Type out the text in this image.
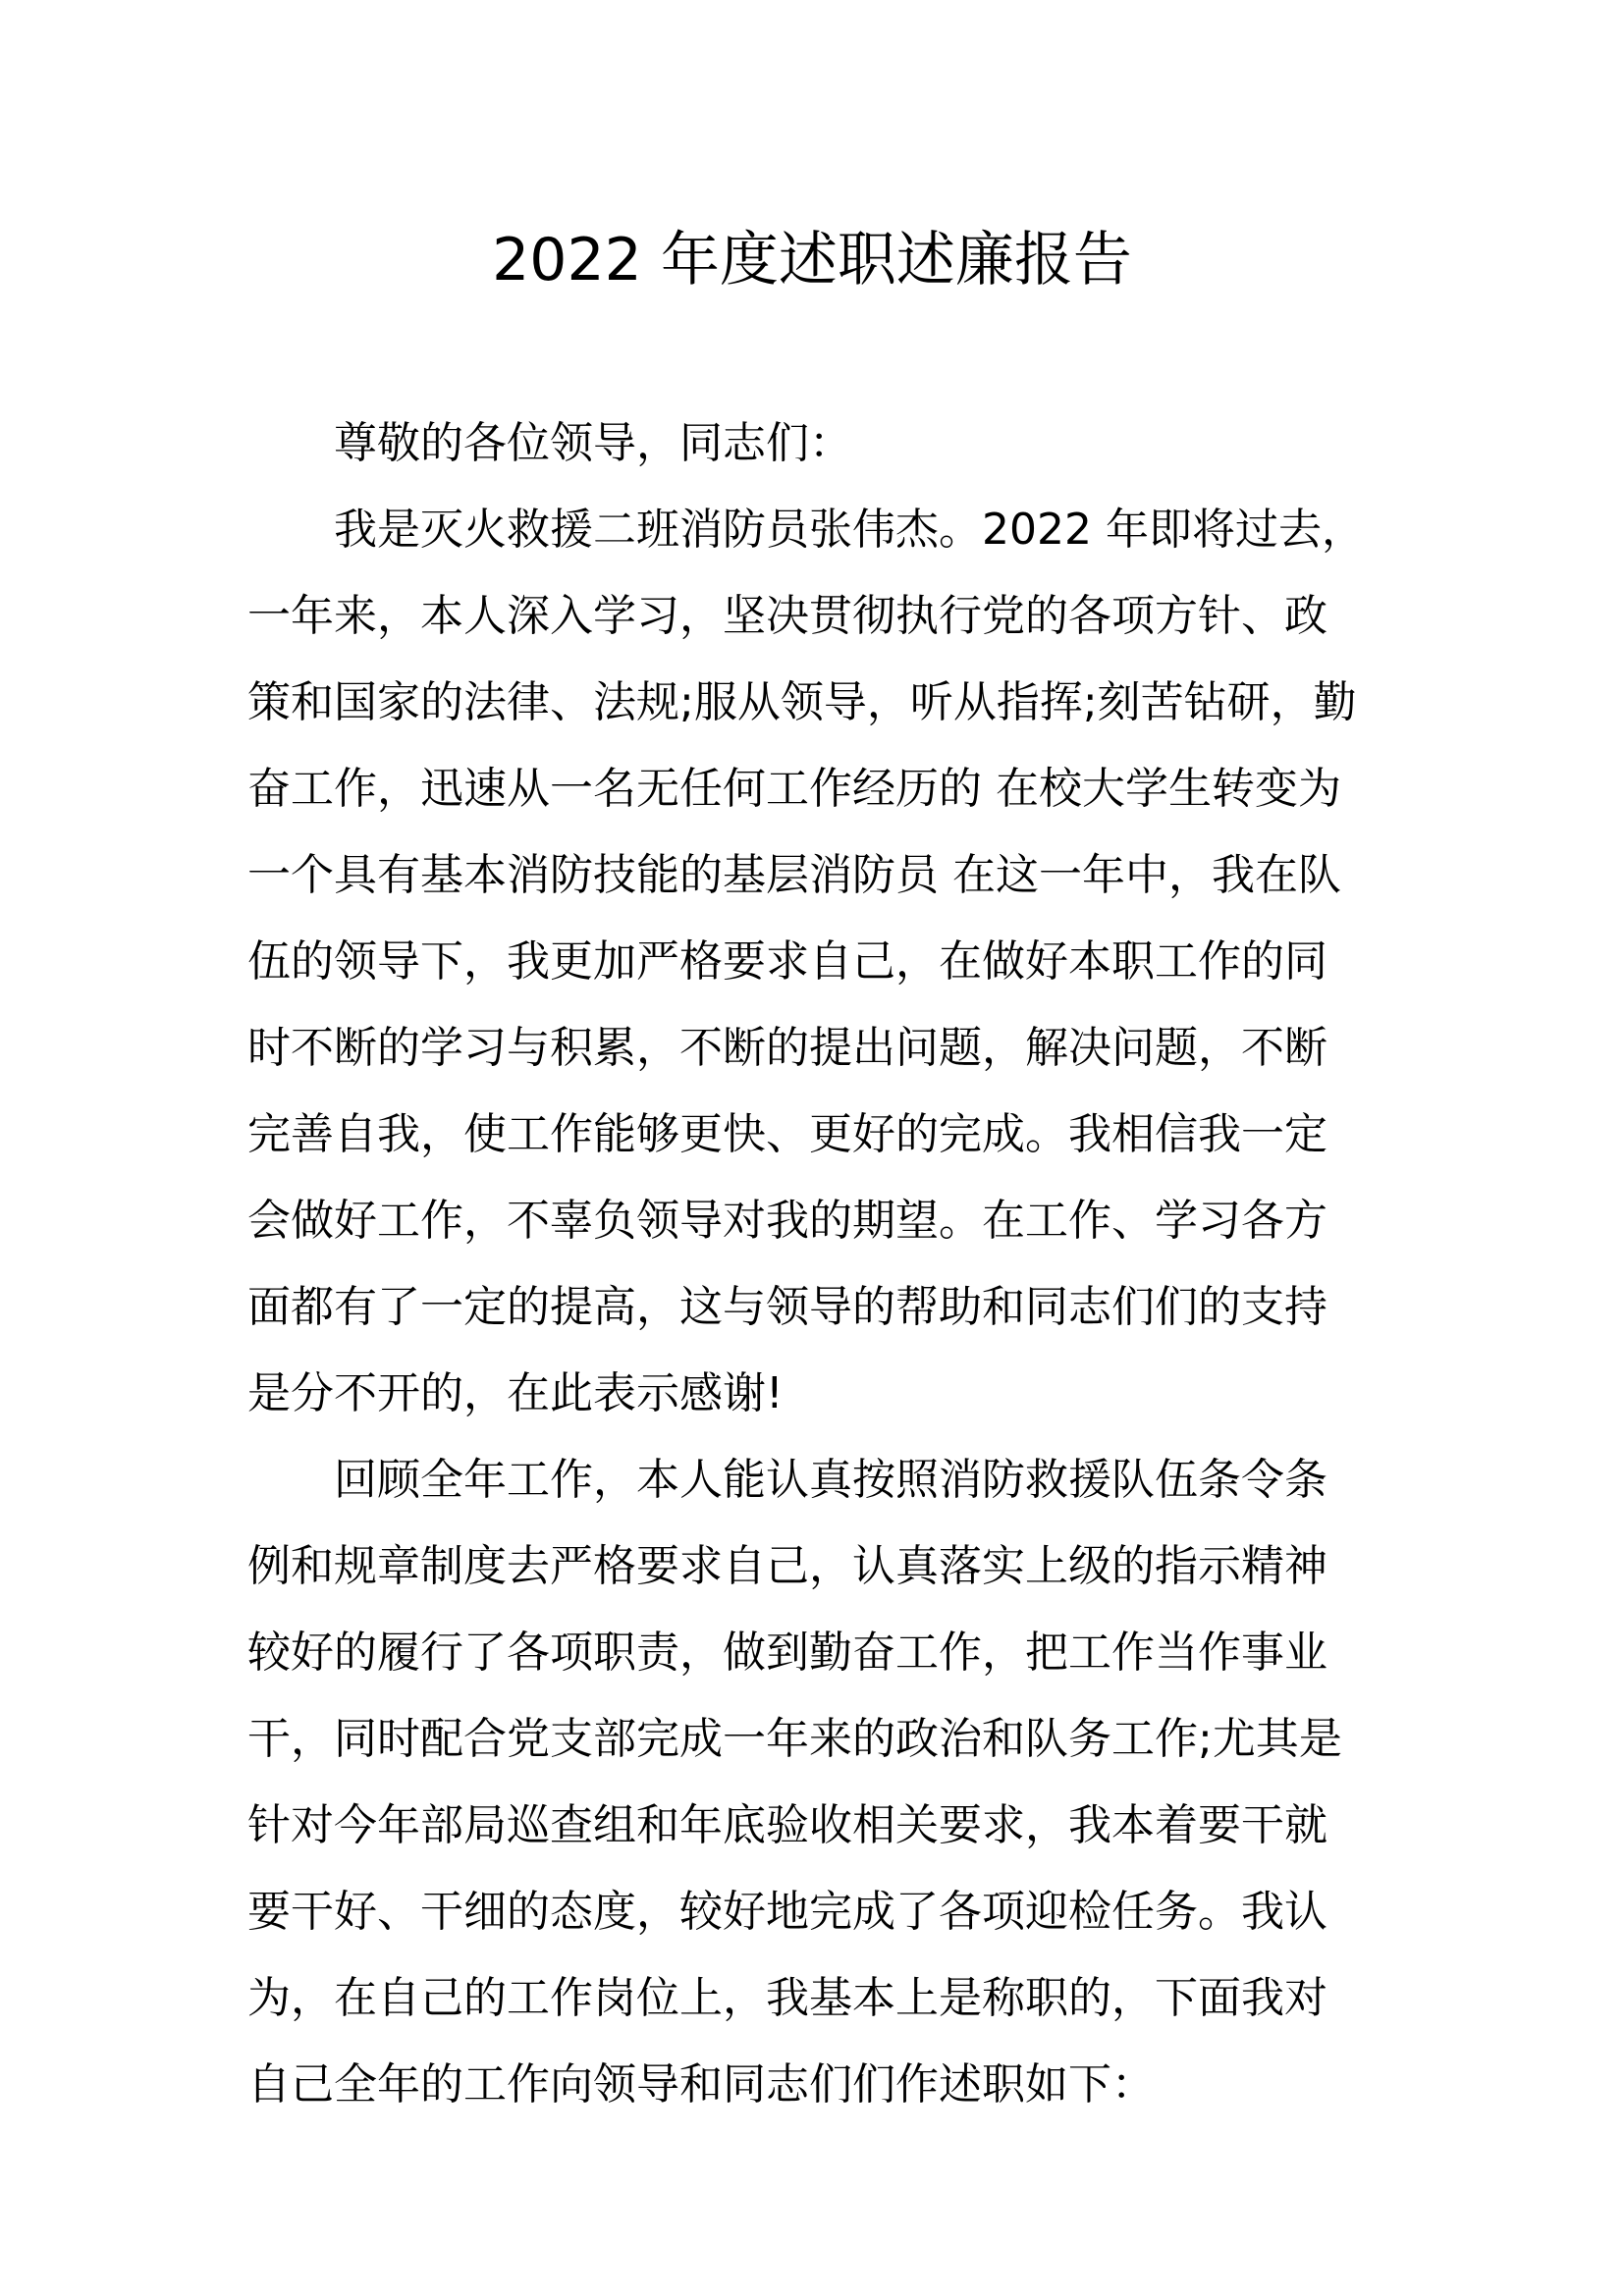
2022 年度述职述廉报告

尊敬的各位领导，同志们：

我是灭火救援二班消防员张伟杰。2022 年即将过去，

一年来，本人深入学习，坚决贯彻执行党的各项方针、政

策和国家的法律、法规;服从领导，听从指挥;刻苦钻研，勤

奋工作，迅速从一名无任何工作经历的 在校大学生转变为

一个具有基本消防技能的基层消防员 在这一年中，我在队

伍的领导下，我更加严格要求自己，在做好本职工作的同

时不断的学习与积累，不断的提出问题，解决问题，不断

完善自我，使工作能够更快、更好的完成。我相信我一定

会做好工作，不辜负领导对我的期望。在工作、学习各方

面都有了一定的提高，这与领导的帮助和同志们们的支持

是分不开的，在此表示感谢!

回顾全年工作，本人能认真按照消防救援队伍条令条

例和规章制度去严格要求自己，认真落实上级的指示精神

较好的履行了各项职责，做到勤奋工作，把工作当作事业

干，同时配合党支部完成一年来的政治和队务工作;尤其是

针对今年部局巡查组和年底验收相关要求，我本着要干就

要干好、干细的态度，较好地完成了各项迎检任务。我认

为，在自己的工作岗位上，我基本上是称职的，下面我对

自己全年的工作向领导和同志们们作述职如下：
